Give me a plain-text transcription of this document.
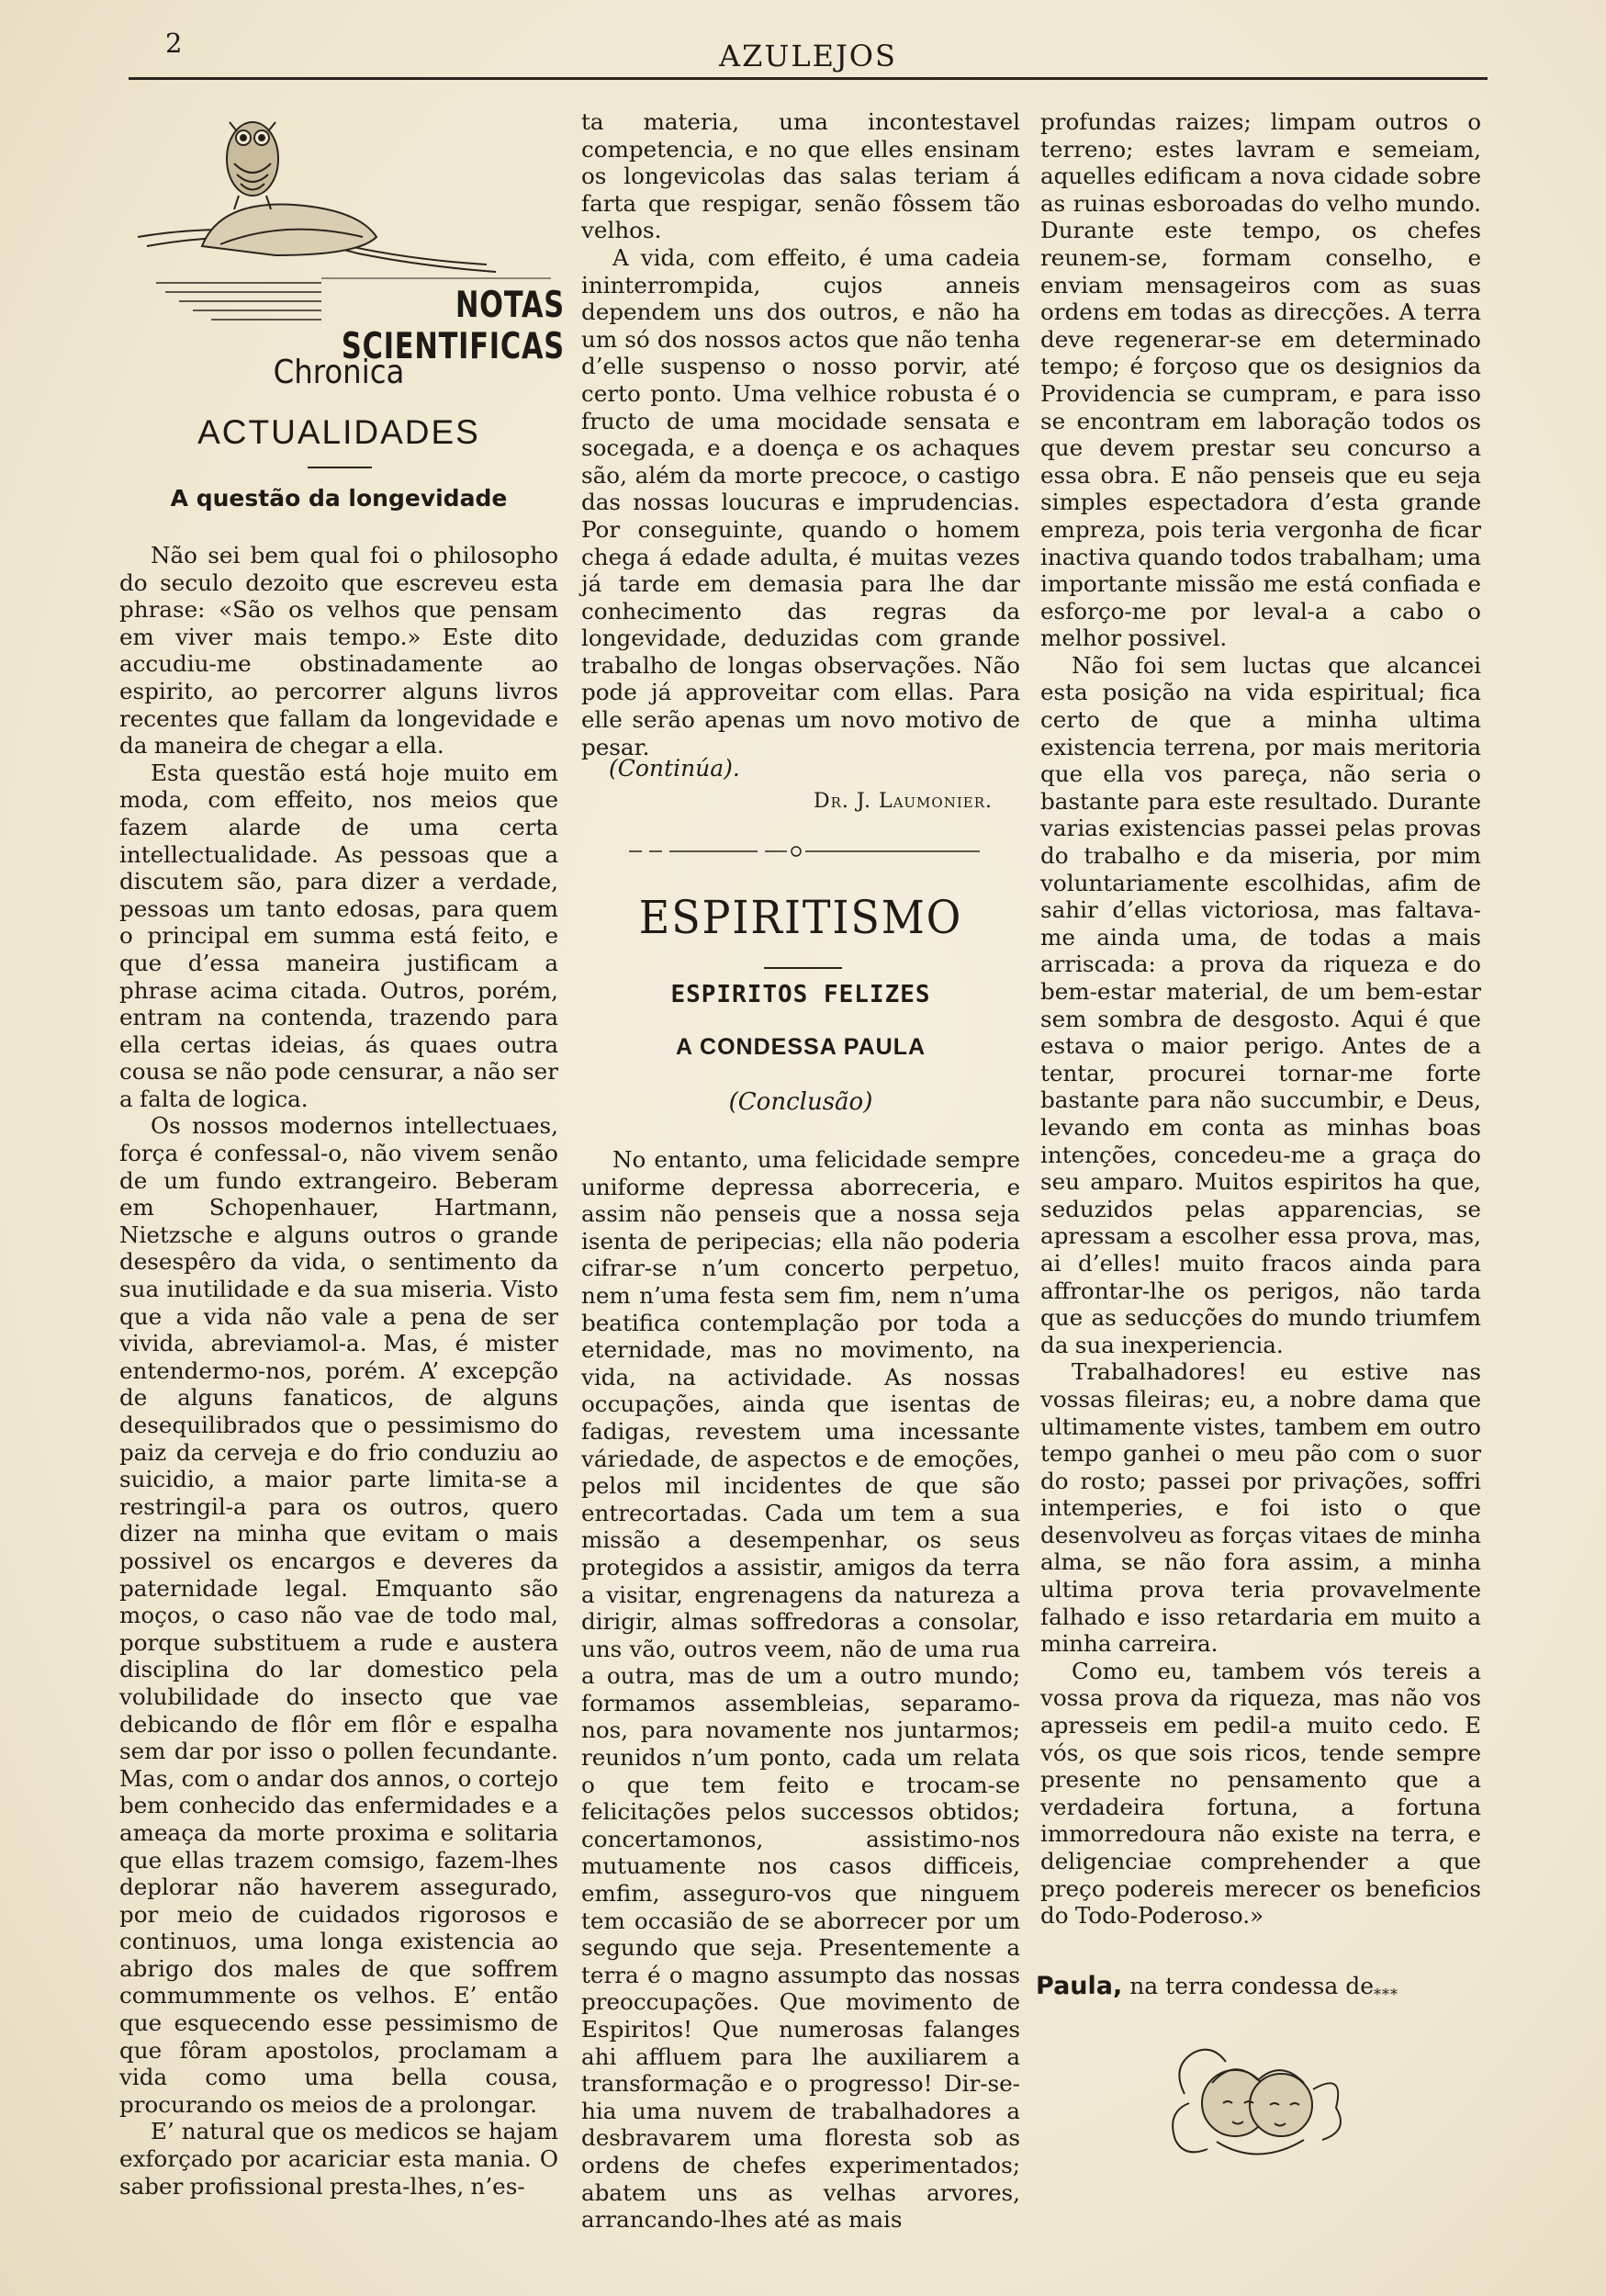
2	AZULEJOS
NOTAS SCIENTIFICAS
Chronica
ACTUALIDADES
A questão da longevidade

Não sei bem qual foi o philosopho do seculo dezoito que escreveu esta phrase: «São os velhos que pensam em viver mais tempo.» Este dito accudiu-me obstinadamente ao espirito, ao percorrer alguns livros recentes que fallam da longevidade e da maneira de chegar a ella.

Esta questão está hoje muito em moda, com effeito, nos meios que fazem alarde de uma certa intellectualidade. As pessoas que a discutem são, para dizer a verdade, pessoas um tanto edosas, para quem o principal em summa está feito, e que d’essa maneira justificam a phrase acima citada. Outros, porém, entram na contenda, trazendo para ella certas ideias, ás quaes outra cousa se não pode censurar, a não ser a falta de logica.

Os nossos modernos intellectuaes, força é confessal-o, não vivem senão de um fundo extrangeiro. Beberam em Schopenhauer, Hartmann, Nietzsche e alguns outros o grande desespêro da vida, o sentimento da sua inutilidade e da sua miseria. Visto que a vida não vale a pena de ser vivida, abreviamol-a. Mas, é mister entendermo-nos, porém. A’ excepção de alguns fanaticos, de alguns desequilibrados que o pessimismo do paiz da cerveja e do frio conduziu ao suicidio, a maior parte limita-se a restringil-a para os outros, quero dizer na minha que evitam o mais possivel os encargos e deveres da paternidade legal. Emquanto são moços, o caso não vae de todo mal, porque substituem a rude e austera disciplina do lar domestico pela volubilidade do insecto que vae debicando de flôr em flôr e espalha sem dar por isso o pollen fecundante. Mas, com o andar dos annos, o cortejo bem conhecido das enfermidades e a ameaça da morte proxima e solitaria que ellas trazem comsigo, fazem-lhes deplorar não haverem assegurado, por meio de cuidados rigorosos e continuos, uma longa existencia ao abrigo dos males de que soffrem commummente os velhos. E’ então que esquecendo esse pessimismo de que fôram apostolos, proclamam a vida como uma bella cousa, procurando os meios de a prolongar.

E’ natural que os medicos se hajam exforçado por acariciar esta mania. O saber profissional presta-lhes, n’es-

ta materia, uma incontestavel competencia, e no que elles ensinam os longevicolas das salas teriam á farta que respigar, senão fôssem tão velhos.

A vida, com effeito, é uma cadeia ininterrompida, cujos anneis dependem uns dos outros, e não ha um só dos nossos actos que não tenha d’elle suspenso o nosso porvir, até certo ponto. Uma velhice robusta é o fructo de uma mocidade sensata e socegada, e a doença e os achaques são, além da morte precoce, o castigo das nossas loucuras e imprudencias. Por conseguinte, quando o homem chega á edade adulta, é muitas vezes já tarde em demasia para lhe dar conhecimento das regras da longevidade, deduzidas com grande trabalho de longas observações. Não pode já approveitar com ellas. Para elle serão apenas um novo motivo de pesar.

(Continúa).
Dr. J. Laumonier.
ESPIRITISMO
ESPIRITOS FELIZES
A CONDESSA PAULA
(Conclusão)

No entanto, uma felicidade sempre uniforme depressa aborreceria, e assim não penseis que a nossa seja isenta de peripecias; ella não poderia cifrar-se n’um concerto perpetuo, nem n’uma festa sem fim, nem n’uma beatifica contemplação por toda a eternidade, mas no movimento, na vida, na actividade. As nossas occupações, ainda que isentas de fadigas, revestem uma incessante váriedade, de aspectos e de emoções, pelos mil incidentes de que são entrecortadas. Cada um tem a sua missão a desempenhar, os seus protegidos a assistir, amigos da terra a visitar, engrenagens da natureza a dirigir, almas soffredoras a consolar, uns vão, outros veem, não de uma rua a outra, mas de um a outro mundo; formamos assembleias, separamo-nos, para novamente nos juntarmos; reunidos n’um ponto, cada um relata o que tem feito e trocam-se felicitações pelos successos obtidos; concertamonos, assistimo-nos mutuamente nos casos difficeis, emfim, asseguro-vos que ninguem tem occasião de se aborrecer por um segundo que seja. Presentemente a terra é o magno assumpto das nossas preoccupações. Que movimento de Espiritos! Que numerosas falanges ahi affluem para lhe auxiliarem a transformação e o progresso! Dir-se-hia uma nuvem de trabalhadores a desbravarem uma floresta sob as ordens de chefes experimentados; abatem uns as velhas arvores, arrancando-lhes até as mais

profundas raizes; limpam outros o terreno; estes lavram e semeiam, aquelles edificam a nova cidade sobre as ruinas esboroadas do velho mundo. Durante este tempo, os chefes reunem-se, formam conselho, e enviam mensageiros com as suas ordens em todas as direcções. A terra deve regenerar-se em determinado tempo; é forçoso que os designios da Providencia se cumpram, e para isso se encontram em laboração todos os que devem prestar seu concurso a essa obra. E não penseis que eu seja simples espectadora d’esta grande empreza, pois teria vergonha de ficar inactiva quando todos trabalham; uma importante missão me está confiada e esforço-me por leval-a a cabo o melhor possivel.

Não foi sem luctas que alcancei esta posição na vida espiritual; fica certo de que a minha ultima existencia terrena, por mais meritoria que ella vos pareça, não seria o bastante para este resultado. Durante varias existencias passei pelas provas do trabalho e da miseria, por mim voluntariamente escolhidas, afim de sahir d’ellas victoriosa, mas faltava-me ainda uma, de todas a mais arriscada: a prova da riqueza e do bem-estar material, de um bem-estar sem sombra de desgosto. Aqui é que estava o maior perigo. Antes de a tentar, procurei tornar-me forte bastante para não succumbir, e Deus, levando em conta as minhas boas intenções, concedeu-me a graça do seu amparo. Muitos espiritos ha que, seduzidos pelas apparencias, se apressam a escolher essa prova, mas, ai d’elles! muito fracos ainda para affrontar-lhe os perigos, não tarda que as seducções do mundo triumfem da sua inexperiencia.

Trabalhadores! eu estive nas vossas fileiras; eu, a nobre dama que ultimamente vistes, tambem em outro tempo ganhei o meu pão com o suor do rosto; passei por privações, soffri intemperies, e foi isto o que desenvolveu as forças vitaes de minha alma, se não fora assim, a minha ultima prova teria provavelmente falhado e isso retardaria em muito a minha carreira.

Como eu, tambem vós tereis a vossa prova da riqueza, mas não vos apresseis em pedil-a muito cedo. E vós, os que sois ricos, tende sempre presente no pensamento que a verdadeira fortuna, a fortuna immorredoura não existe na terra, e deligenciae comprehender a que preço podereis merecer os beneficios do Todo-Poderoso.»

Paula, na terra condessa $de_{***}$
